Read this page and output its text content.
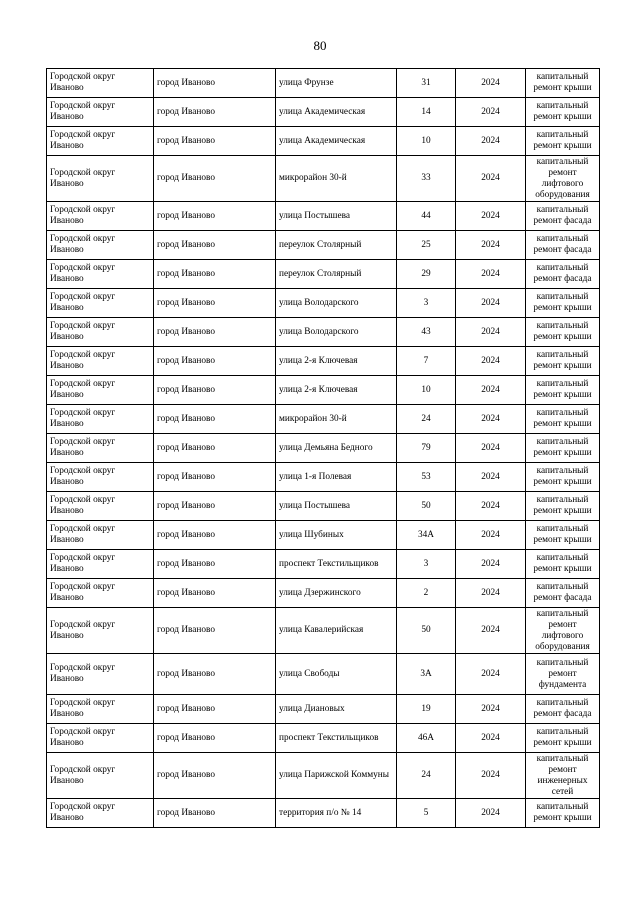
80
Городской округ Иваново	город Иваново	улица Фрунзе	31	2024	капитальный ремонт крыши
Городской округ Иваново	город Иваново	улица Академическая	14	2024	капитальный ремонт крыши
Городской округ Иваново	город Иваново	улица Академическая	10	2024	капитальный ремонт крыши
Городской округ Иваново	город Иваново	микрорайон 30-й	33	2024	капитальный ремонт лифтового оборудования
Городской округ Иваново	город Иваново	улица Постышева	44	2024	капитальный ремонт фасада
Городской округ Иваново	город Иваново	переулок Столярный	25	2024	капитальный ремонт фасада
Городской округ Иваново	город Иваново	переулок Столярный	29	2024	капитальный ремонт фасада
Городской округ Иваново	город Иваново	улица Володарского	3	2024	капитальный ремонт крыши
Городской округ Иваново	город Иваново	улица Володарского	43	2024	капитальный ремонт крыши
Городской округ Иваново	город Иваново	улица 2-я Ключевая	7	2024	капитальный ремонт крыши
Городской округ Иваново	город Иваново	улица 2-я Ключевая	10	2024	капитальный ремонт крыши
Городской округ Иваново	город Иваново	микрорайон 30-й	24	2024	капитальный ремонт крыши
Городской округ Иваново	город Иваново	улица Демьяна Бедного	79	2024	капитальный ремонт крыши
Городской округ Иваново	город Иваново	улица 1-я Полевая	53	2024	капитальный ремонт крыши
Городской округ Иваново	город Иваново	улица Постышева	50	2024	капитальный ремонт крыши
Городской округ Иваново	город Иваново	улица Шубиных	34А	2024	капитальный ремонт крыши
Городской округ Иваново	город Иваново	проспект Текстильщиков	3	2024	капитальный ремонт крыши
Городской округ Иваново	город Иваново	улица Дзержинского	2	2024	капитальный ремонт фасада
Городской округ Иваново	город Иваново	улица Кавалерийская	50	2024	капитальный ремонт лифтового оборудования
Городской округ Иваново	город Иваново	улица Свободы	3А	2024	капитальный ремонт фундамента
Городской округ Иваново	город Иваново	улица Диановых	19	2024	капитальный ремонт фасада
Городской округ Иваново	город Иваново	проспект Текстильщиков	46А	2024	капитальный ремонт крыши
Городской округ Иваново	город Иваново	улица Парижской Коммуны	24	2024	капитальный ремонт инженерных сетей
Городской округ Иваново	город Иваново	территория п/о № 14	5	2024	капитальный ремонт крыши
